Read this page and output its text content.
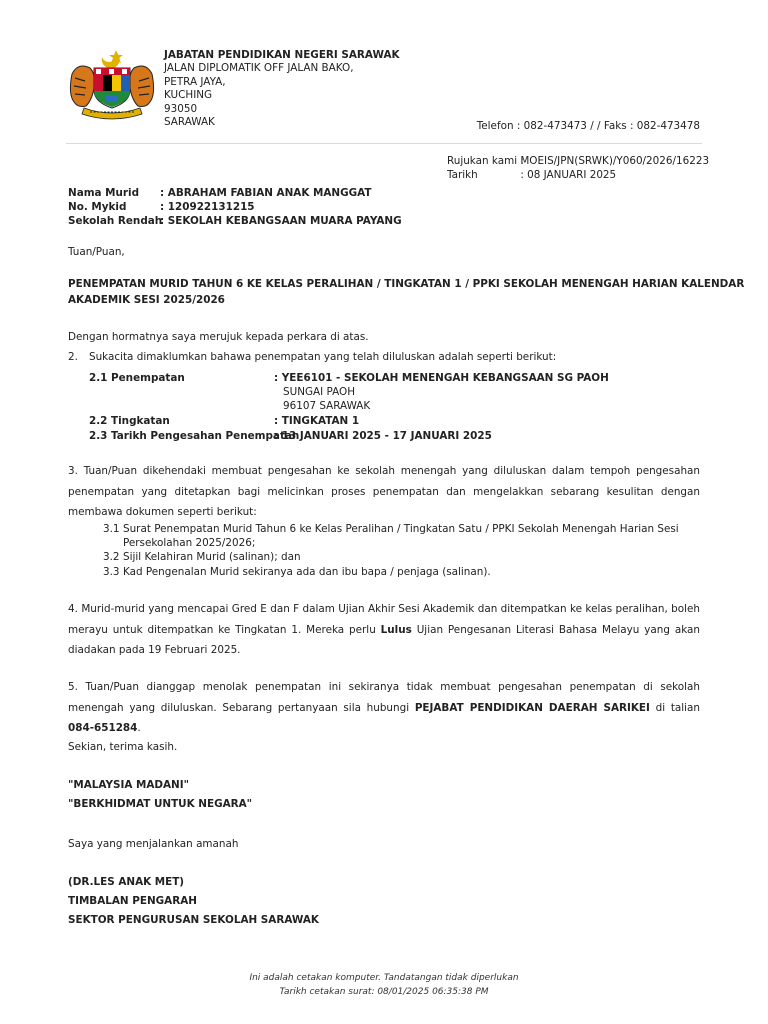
JABATAN PENDIDIKAN NEGERI SARAWAK
JALAN DIPLOMATIK OFF JALAN BAKO,
PETRA JAYA,
KUCHING
93050
SARAWAK	Telefon : 082-473473 / / Faks : 082-473478
Rujukan kami : MOEIS/JPN(SRWK)/Y060/2026/16223
Tarikh	: 08 JANUARI 2025
Nama Murid : ABRAHAM FABIAN ANAK MANGGAT
No. Mykid	: 120922131215
Sekolah Rendah
: SEKOLAH KEBANGSAAN MUARA PAYANG
Tuan/Puan,
PENEMPATAN MURID TAHUN 6 KE KELAS PERALIHAN / TINGKATAN 1 / PPKI SEKOLAH MENENGAH HARIAN KALENDAR
AKADEMIK SESI 2025/2026
Dengan hormatnya saya merujuk kepada perkara di atas.
2. Sukacita dimaklumkan bahawa penempatan yang telah diluluskan adalah seperti berikut:
2.1 Penempatan	: YEE6101 - SEKOLAH MENENGAH KEBANGSAAN SG PAOH
SUNGAI PAOH
96107 SARAWAK
2.2 Tingkatan	: TINGKATAN 1
2.3 Tarikh Pengesahan Penempatan
: 13 JANUARI 2025 - 17 JANUARI 2025
3. Tuan/Puan dikehendaki membuat pengesahan ke sekolah menengah yang diluluskan dalam tempoh pengesahan penempatan yang ditetapkan bagi melicinkan proses penempatan dan mengelakkan sebarang kesulitan dengan membawa dokumen seperti berikut:
3.1 Surat Penempatan Murid Tahun 6 ke Kelas Peralihan / Tingkatan Satu / PPKI Sekolah Menengah Harian Sesi
Persekolahan 2025/2026;
3.2 Sijil Kelahiran Murid (salinan); dan
3.3 Kad Pengenalan Murid sekiranya ada dan ibu bapa / penjaga (salinan).
4. Murid-murid yang mencapai Gred E dan F dalam Ujian Akhir Sesi Akademik dan ditempatkan ke kelas peralihan, boleh merayu untuk ditempatkan ke Tingkatan 1. Mereka perlu Lulus Ujian Pengesanan Literasi Bahasa Melayu yang akan diadakan pada 19 Februari 2025.
5. Tuan/Puan dianggap menolak penempatan ini sekiranya tidak membuat pengesahan penempatan di sekolah menengah yang diluluskan. Sebarang pertanyaan sila hubungi PEJABAT PENDIDIKAN DAERAH SARIKEI di talian 084-651284.
Sekian, terima kasih.
"MALAYSIA MADANI"
"BERKHIDMAT UNTUK NEGARA"
Saya yang menjalankan amanah
(DR.LES ANAK MET)
TIMBALAN PENGARAH
SEKTOR PENGURUSAN SEKOLAH SARAWAK
Ini adalah cetakan komputer. Tandatangan tidak diperlukan
Tarikh cetakan surat: 08/01/2025 06:35:38 PM
